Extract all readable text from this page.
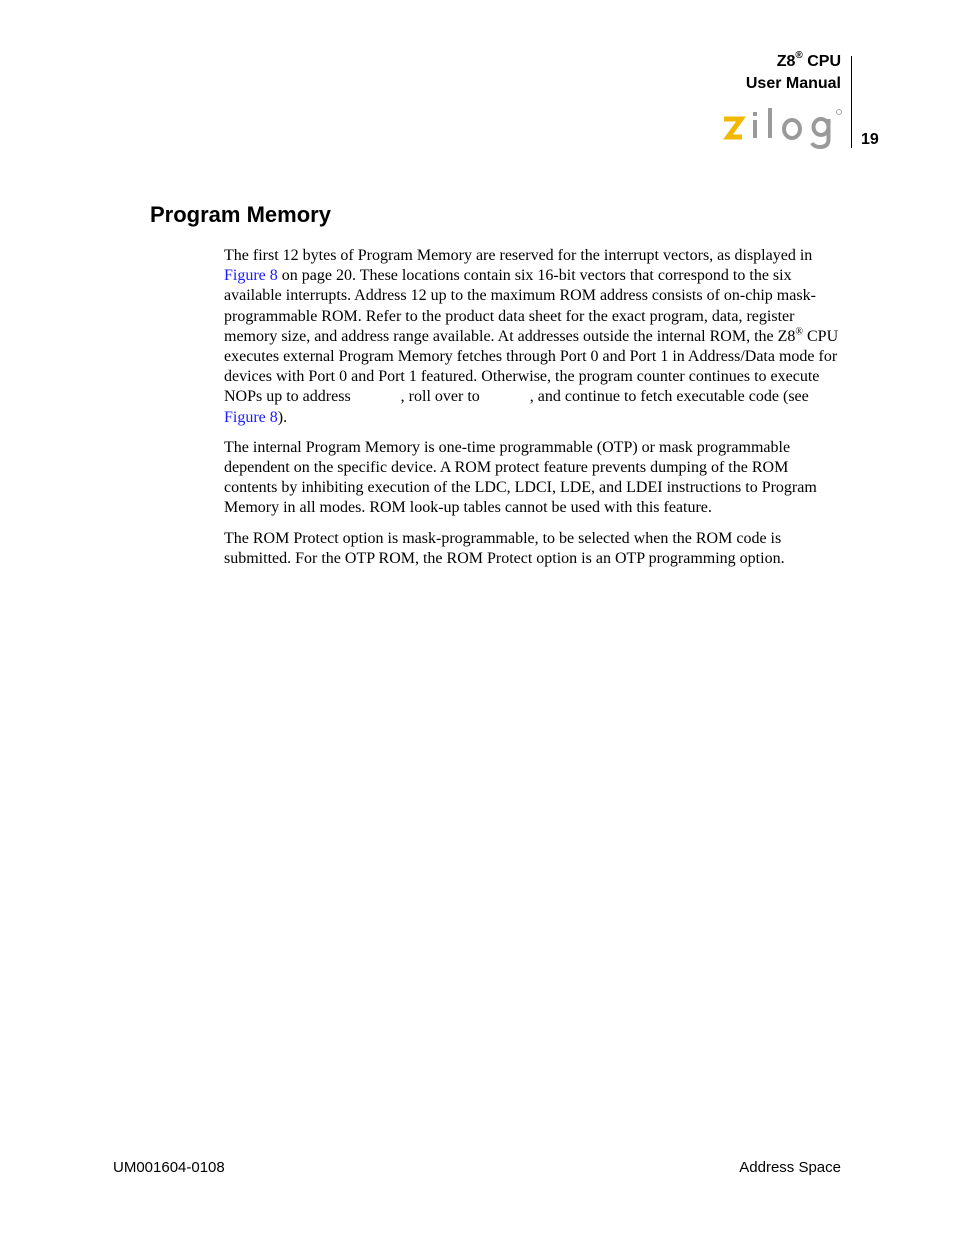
Z8® CPU
User Manual
19
Program Memory

The first 12 bytes of Program Memory are reserved for the interrupt vectors, as displayed in Figure 8 on page 20. These locations contain six 16-bit vectors that correspond to the six available interrupts. Address 12 up to the maximum ROM address consists of on-chip mask-programmable ROM. Refer to the product data sheet for the exact program, data, register memory size, and address range available. At addresses outside the internal ROM, the Z8® CPU executes external Program Memory fetches through Port 0 and Port 1 in Address/Data mode for devices with Port 0 and Port 1 featured. Otherwise, the program counter continues to execute NOPs up to address	, roll over to	, and continue to fetch executable code (see Figure 8).

The internal Program Memory is one-time programmable (OTP) or mask programmable dependent on the specific device. A ROM protect feature prevents dumping of the ROM contents by inhibiting execution of the LDC, LDCI, LDE, and LDEI instructions to Program Memory in all modes. ROM look-up tables cannot be used with this feature.

The ROM Protect option is mask-programmable, to be selected when the ROM code is submitted. For the OTP ROM, the ROM Protect option is an OTP programming option.

UM001604-0108	Address Space
